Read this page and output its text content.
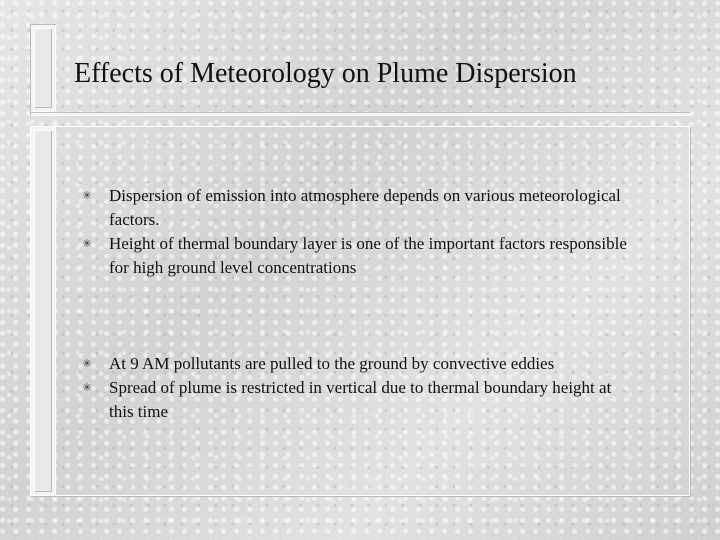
Effects of Meteorology on Plume Dispersion
✳ Dispersion of emission into atmosphere depends on various meteorological factors.
✳ Height of thermal boundary layer is one of the important factors responsible for high ground level concentrations
✳ At 9 AM pollutants are pulled to the ground by convective eddies
✳ Spread of plume is restricted in vertical due to thermal boundary height at this time
